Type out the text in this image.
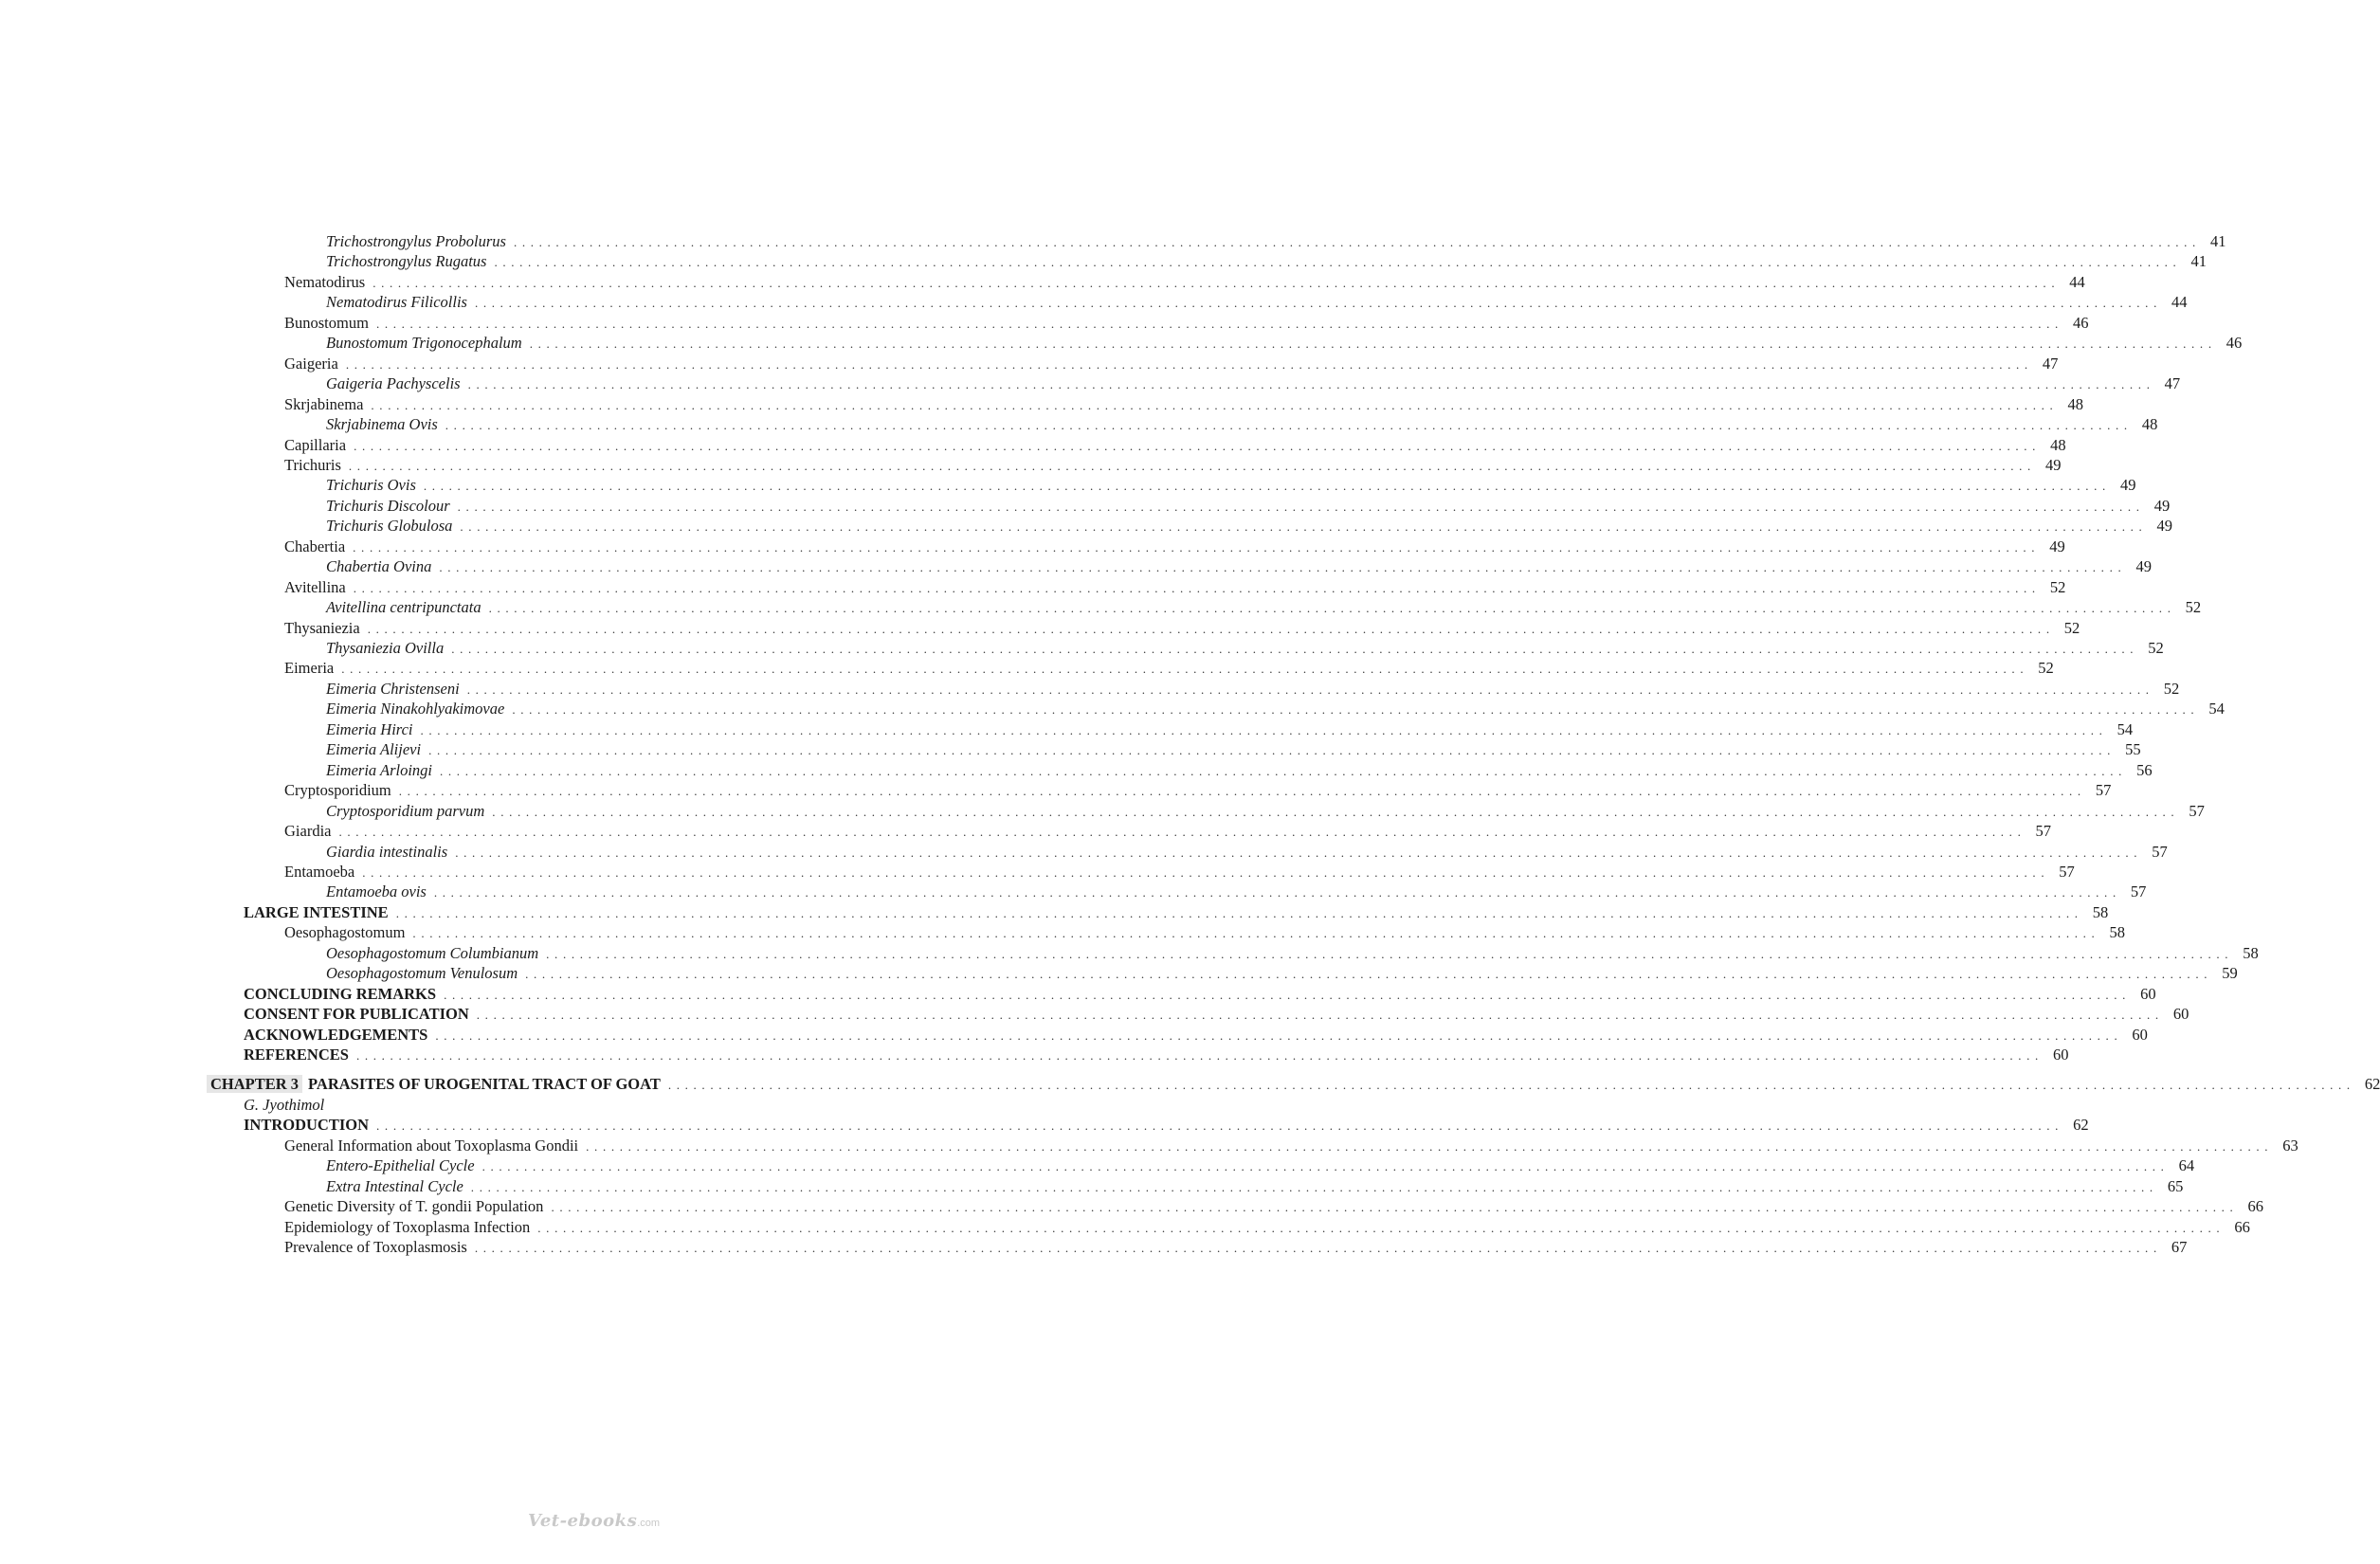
Trichostrongylus Probolurus . . . . . . . . . . . . . . . . . . . . . . . . . . . . . . . . . . . . . . . . . . . . . . . . . . . . . . . . . . . . . . . . . . . . . . . . . . . . . . . . . . . . . . . . . . . . . . . . . . . . . . . . . . . . . . . . . . . . . . . . . . . . . . . . . . . . . . . . . . . . . . . . . . . . . . . . . . . . . . . . . . . . . . . . . . . . . . . . . . . . . . . . . . . . . . . . . . . . . . . . 41
Trichostrongylus Rugatus . . . . . . . . . . . . . . . . . . . . . . . . . . . . . . . . . . . . . . . . . . . . . . . . . . . . . . . . . . . . . . . . . . . . . . . . . . . . . . . . . . . . . . . . . . . . . . . . . . . . . . . . . . . . . . . . . . . . . . . . . . . . . . . . . . . . . . . . . . . . . . . . . . . . . . . . . . . . . . . . . . . . . . . . . . . . . . . . . . . . . . . . . . . . . . . . . . . . . . . . 41
Nematodirus . . . . . . . . . . . . . . . . . . . . . . . . . . . . . . . . . . . . . . . . . . . . . . . . . . . . . . . . . . . . . . . . . . . . . . . . . . . . . . . . . . . . . . . . . . . . . . . . . . . . . . . . . . . . . . . . . . . . . . . . . . . . . . . . . . . . . . . . . . . . . . . . . . . . . . . . . . . . . . . . . . . . . . . . . . . . . . . . . . . . . . . . . . . . . . . . . . . . . . . . 44
Nematodirus Filicollis . . . . . . . . . . . . . . . . . . . . . . . . . . . . . . . . . . . . . . . . . . . . . . . . . . . . . . . . . . . . . . . . . . . . . . . . . . . . . . . . . . . . . . . . . . . . . . . . . . . . . . . . . . . . . . . . . . . . . . . . . . . . . . . . . . . . . . . . . . . . . . . . . . . . . . . . . . . . . . . . . . . . . . . . . . . . . . . . . . . . . . . . . . . . . . . . . . . . . . . . 44
Bunostomum . . . . . . . . . . . . . . . . . . . . . . . . . . . . . . . . . . . . . . . . . . . . . . . . . . . . . . . . . . . . . . . . . . . . . . . . . . . . . . . . . . . . . . . . . . . . . . . . . . . . . . . . . . . . . . . . . . . . . . . . . . . . . . . . . . . . . . . . . . . . . . . . . . . . . . . . . . . . . . . . . . . . . . . . . . . . . . . . . . . . . . . . . . . . . . . . . . . . . . . . 46
Bunostomum Trigonocephalum . . . . . . . . . . . . . . . . . . . . . . . . . . . . . . . . . . . . . . . . . . . . . . . . . . . . . . . . . . . . . . . . . . . . . . . . . . . . . . . . . . . . . . . . . . . . . . . . . . . . . . . . . . . . . . . . . . . . . . . . . . . . . . . . . . . . . . . . . . . . . . . . . . . . . . . . . . . . . . . . . . . . . . . . . . . . . . . . . . . . . . . . . . . . . . . . . . . . . . . . 46
Gaigeria . . . . . . . . . . . . . . . . . . . . . . . . . . . . . . . . . . . . . . . . . . . . . . . . . . . . . . . . . . . . . . . . . . . . . . . . . . . . . . . . . . . . . . . . . . . . . . . . . . . . . . . . . . . . . . . . . . . . . . . . . . . . . . . . . . . . . . . . . . . . . . . . . . . . . . . . . . . . . . . . . . . . . . . . . . . . . . . . . . . . . . . . . . . . . . . . . . . . . . . . 47
Gaigeria Pachyscelis . . . . . . . . . . . . . . . . . . . . . . . . . . . . . . . . . . . . . . . . . . . . . . . . . . . . . . . . . . . . . . . . . . . . . . . . . . . . . . . . . . . . . . . . . . . . . . . . . . . . . . . . . . . . . . . . . . . . . . . . . . . . . . . . . . . . . . . . . . . . . . . . . . . . . . . . . . . . . . . . . . . . . . . . . . . . . . . . . . . . . . . . . . . . . . . . . . . . . . . . 47
Skrjabinema . . . . . . . . . . . . . . . . . . . . . . . . . . . . . . . . . . . . . . . . . . . . . . . . . . . . . . . . . . . . . . . . . . . . . . . . . . . . . . . . . . . . . . . . . . . . . . . . . . . . . . . . . . . . . . . . . . . . . . . . . . . . . . . . . . . . . . . . . . . . . . . . . . . . . . . . . . . . . . . . . . . . . . . . . . . . . . . . . . . . . . . . . . . . . . . . . . . . . . . . 48
Skrjabinema Ovis . . . . . . . . . . . . . . . . . . . . . . . . . . . . . . . . . . . . . . . . . . . . . . . . . . . . . . . . . . . . . . . . . . . . . . . . . . . . . . . . . . . . . . . . . . . . . . . . . . . . . . . . . . . . . . . . . . . . . . . . . . . . . . . . . . . . . . . . . . . . . . . . . . . . . . . . . . . . . . . . . . . . . . . . . . . . . . . . . . . . . . . . . . . . . . . . . . . . . . . . 48
Capillaria . . . . . . . . . . . . . . . . . . . . . . . . . . . . . . . . . . . . . . . . . . . . . . . . . . . . . . . . . . . . . . . . . . . . . . . . . . . . . . . . . . . . . . . . . . . . . . . . . . . . . . . . . . . . . . . . . . . . . . . . . . . . . . . . . . . . . . . . . . . . . . . . . . . . . . . . . . . . . . . . . . . . . . . . . . . . . . . . . . . . . . . . . . . . . . . . . . . . . . . . 48
Trichuris . . . . . . . . . . . . . . . . . . . . . . . . . . . . . . . . . . . . . . . . . . . . . . . . . . . . . . . . . . . . . . . . . . . . . . . . . . . . . . . . . . . . . . . . . . . . . . . . . . . . . . . . . . . . . . . . . . . . . . . . . . . . . . . . . . . . . . . . . . . . . . . . . . . . . . . . . . . . . . . . . . . . . . . . . . . . . . . . . . . . . . . . . . . . . . . . . . . . . . . . 49
Trichuris Ovis . . . . . . . . . . . . . . . . . . . . . . . . . . . . . . . . . . . . . . . . . . . . . . . . . . . . . . . . . . . . . . . . . . . . . . . . . . . . . . . . . . . . . . . . . . . . . . . . . . . . . . . . . . . . . . . . . . . . . . . . . . . . . . . . . . . . . . . . . . . . . . . . . . . . . . . . . . . . . . . . . . . . . . . . . . . . . . . . . . . . . . . . . . . . . . . . . . . . . . . . 49
Trichuris Discolour . . . . . . . . . . . . . . . . . . . . . . . . . . . . . . . . . . . . . . . . . . . . . . . . . . . . . . . . . . . . . . . . . . . . . . . . . . . . . . . . . . . . . . . . . . . . . . . . . . . . . . . . . . . . . . . . . . . . . . . . . . . . . . . . . . . . . . . . . . . . . . . . . . . . . . . . . . . . . . . . . . . . . . . . . . . . . . . . . . . . . . . . . . . . . . . . . . . . . . . . 49
Trichuris Globulosa . . . . . . . . . . . . . . . . . . . . . . . . . . . . . . . . . . . . . . . . . . . . . . . . . . . . . . . . . . . . . . . . . . . . . . . . . . . . . . . . . . . . . . . . . . . . . . . . . . . . . . . . . . . . . . . . . . . . . . . . . . . . . . . . . . . . . . . . . . . . . . . . . . . . . . . . . . . . . . . . . . . . . . . . . . . . . . . . . . . . . . . . . . . . . . . . . . . . . . . . 49
Chabertia . . . . . . . . . . . . . . . . . . . . . . . . . . . . . . . . . . . . . . . . . . . . . . . . . . . . . . . . . . . . . . . . . . . . . . . . . . . . . . . . . . . . . . . . . . . . . . . . . . . . . . . . . . . . . . . . . . . . . . . . . . . . . . . . . . . . . . . . . . . . . . . . . . . . . . . . . . . . . . . . . . . . . . . . . . . . . . . . . . . . . . . . . . . . . . . . . . . . . . . . 49
Chabertia Ovina . . . . . . . . . . . . . . . . . . . . . . . . . . . . . . . . . . . . . . . . . . . . . . . . . . . . . . . . . . . . . . . . . . . . . . . . . . . . . . . . . . . . . . . . . . . . . . . . . . . . . . . . . . . . . . . . . . . . . . . . . . . . . . . . . . . . . . . . . . . . . . . . . . . . . . . . . . . . . . . . . . . . . . . . . . . . . . . . . . . . . . . . . . . . . . . . . . . . . . . . 49
Avitellina . . . . . . . . . . . . . . . . . . . . . . . . . . . . . . . . . . . . . . . . . . . . . . . . . . . . . . . . . . . . . . . . . . . . . . . . . . . . . . . . . . . . . . . . . . . . . . . . . . . . . . . . . . . . . . . . . . . . . . . . . . . . . . . . . . . . . . . . . . . . . . . . . . . . . . . . . . . . . . . . . . . . . . . . . . . . . . . . . . . . . . . . . . . . . . . . . . . . . . . . 52
Avitellina centripunctata . . . . . . . . . . . . . . . . . . . . . . . . . . . . . . . . . . . . . . . . . . . . . . . . . . . . . . . . . . . . . . . . . . . . . . . . . . . . . . . . . . . . . . . . . . . . . . . . . . . . . . . . . . . . . . . . . . . . . . . . . . . . . . . . . . . . . . . . . . . . . . . . . . . . . . . . . . . . . . . . . . . . . . . . . . . . . . . . . . . . . . . . . . . . . . . . . . . . . . . . 52
Thysaniezia . . . . . . . . . . . . . . . . . . . . . . . . . . . . . . . . . . . . . . . . . . . . . . . . . . . . . . . . . . . . . . . . . . . . . . . . . . . . . . . . . . . . . . . . . . . . . . . . . . . . . . . . . . . . . . . . . . . . . . . . . . . . . . . . . . . . . . . . . . . . . . . . . . . . . . . . . . . . . . . . . . . . . . . . . . . . . . . . . . . . . . . . . . . . . . . . . . . . . . . . 52
Thysaniezia Ovilla . . . . . . . . . . . . . . . . . . . . . . . . . . . . . . . . . . . . . . . . . . . . . . . . . . . . . . . . . . . . . . . . . . . . . . . . . . . . . . . . . . . . . . . . . . . . . . . . . . . . . . . . . . . . . . . . . . . . . . . . . . . . . . . . . . . . . . . . . . . . . . . . . . . . . . . . . . . . . . . . . . . . . . . . . . . . . . . . . . . . . . . . . . . . . . . . . . . . . . . . 52
Eimeria . . . . . . . . . . . . . . . . . . . . . . . . . . . . . . . . . . . . . . . . . . . . . . . . . . . . . . . . . . . . . . . . . . . . . . . . . . . . . . . . . . . . . . . . . . . . . . . . . . . . . . . . . . . . . . . . . . . . . . . . . . . . . . . . . . . . . . . . . . . . . . . . . . . . . . . . . . . . . . . . . . . . . . . . . . . . . . . . . . . . . . . . . . . . . . . . . . . . . . . . 52
Eimeria Christenseni . . . . . . . . . . . . . . . . . . . . . . . . . . . . . . . . . . . . . . . . . . . . . . . . . . . . . . . . . . . . . . . . . . . . . . . . . . . . . . . . . . . . . . . . . . . . . . . . . . . . . . . . . . . . . . . . . . . . . . . . . . . . . . . . . . . . . . . . . . . . . . . . . . . . . . . . . . . . . . . . . . . . . . . . . . . . . . . . . . . . . . . . . . . . . . . . . . . . . . . . 52
Eimeria Ninakohlyakimovae . . . . . . . . . . . . . . . . . . . . . . . . . . . . . . . . . . . . . . . . . . . . . . . . . . . . . . . . . . . . . . . . . . . . . . . . . . . . . . . . . . . . . . . . . . . . . . . . . . . . . . . . . . . . . . . . . . . . . . . . . . . . . . . . . . . . . . . . . . . . . . . . . . . . . . . . . . . . . . . . . . . . . . . . . . . . . . . . . . . . . . . . . . . . . . . . . . . . . . . . 54
Eimeria Hirci . . . . . . . . . . . . . . . . . . . . . . . . . . . . . . . . . . . . . . . . . . . . . . . . . . . . . . . . . . . . . . . . . . . . . . . . . . . . . . . . . . . . . . . . . . . . . . . . . . . . . . . . . . . . . . . . . . . . . . . . . . . . . . . . . . . . . . . . . . . . . . . . . . . . . . . . . . . . . . . . . . . . . . . . . . . . . . . . . . . . . . . . . . . . . . . . . . . . . . . . 54
Eimeria Alijevi . . . . . . . . . . . . . . . . . . . . . . . . . . . . . . . . . . . . . . . . . . . . . . . . . . . . . . . . . . . . . . . . . . . . . . . . . . . . . . . . . . . . . . . . . . . . . . . . . . . . . . . . . . . . . . . . . . . . . . . . . . . . . . . . . . . . . . . . . . . . . . . . . . . . . . . . . . . . . . . . . . . . . . . . . . . . . . . . . . . . . . . . . . . . . . . . . . . . . . . . 55
Eimeria Arloingi . . . . . . . . . . . . . . . . . . . . . . . . . . . . . . . . . . . . . . . . . . . . . . . . . . . . . . . . . . . . . . . . . . . . . . . . . . . . . . . . . . . . . . . . . . . . . . . . . . . . . . . . . . . . . . . . . . . . . . . . . . . . . . . . . . . . . . . . . . . . . . . . . . . . . . . . . . . . . . . . . . . . . . . . . . . . . . . . . . . . . . . . . . . . . . . . . . . . . . . . 56
Cryptosporidium . . . . . . . . . . . . . . . . . . . . . . . . . . . . . . . . . . . . . . . . . . . . . . . . . . . . . . . . . . . . . . . . . . . . . . . . . . . . . . . . . . . . . . . . . . . . . . . . . . . . . . . . . . . . . . . . . . . . . . . . . . . . . . . . . . . . . . . . . . . . . . . . . . . . . . . . . . . . . . . . . . . . . . . . . . . . . . . . . . . . . . . . . . . . . . . . . . . . . . . . 57
Cryptosporidium parvum . . . . . . . . . . . . . . . . . . . . . . . . . . . . . . . . . . . . . . . . . . . . . . . . . . . . . . . . . . . . . . . . . . . . . . . . . . . . . . . . . . . . . . . . . . . . . . . . . . . . . . . . . . . . . . . . . . . . . . . . . . . . . . . . . . . . . . . . . . . . . . . . . . . . . . . . . . . . . . . . . . . . . . . . . . . . . . . . . . . . . . . . . . . . . . . . . . . . . . . . 57
Giardia . . . . . . . . . . . . . . . . . . . . . . . . . . . . . . . . . . . . . . . . . . . . . . . . . . . . . . . . . . . . . . . . . . . . . . . . . . . . . . . . . . . . . . . . . . . . . . . . . . . . . . . . . . . . . . . . . . . . . . . . . . . . . . . . . . . . . . . . . . . . . . . . . . . . . . . . . . . . . . . . . . . . . . . . . . . . . . . . . . . . . . . . . . . . . . . . . . . . . . . . 57
Giardia intestinalis . . . . . . . . . . . . . . . . . . . . . . . . . . . . . . . . . . . . . . . . . . . . . . . . . . . . . . . . . . . . . . . . . . . . . . . . . . . . . . . . . . . . . . . . . . . . . . . . . . . . . . . . . . . . . . . . . . . . . . . . . . . . . . . . . . . . . . . . . . . . . . . . . . . . . . . . . . . . . . . . . . . . . . . . . . . . . . . . . . . . . . . . . . . . . . . . . . . . . . . . 57
Entamoeba . . . . . . . . . . . . . . . . . . . . . . . . . . . . . . . . . . . . . . . . . . . . . . . . . . . . . . . . . . . . . . . . . . . . . . . . . . . . . . . . . . . . . . . . . . . . . . . . . . . . . . . . . . . . . . . . . . . . . . . . . . . . . . . . . . . . . . . . . . . . . . . . . . . . . . . . . . . . . . . . . . . . . . . . . . . . . . . . . . . . . . . . . . . . . . . . . . . . . . . . 57
Entamoeba ovis . . . . . . . . . . . . . . . . . . . . . . . . . . . . . . . . . . . . . . . . . . . . . . . . . . . . . . . . . . . . . . . . . . . . . . . . . . . . . . . . . . . . . . . . . . . . . . . . . . . . . . . . . . . . . . . . . . . . . . . . . . . . . . . . . . . . . . . . . . . . . . . . . . . . . . . . . . . . . . . . . . . . . . . . . . . . . . . . . . . . . . . . . . . . . . . . . . . . . . . . 57
LARGE INTESTINE . . . . . . . . . . . . . . . . . . . . . . . . . . . . . . . . . . . . . . . . . . . . . . . . . . . . . . . . . . . . . . . . . . . . . . . . . . . . . . . . . . . . . . . . . . . . . . . . . . . . . . . . . . . . . . . . . . . . . . . . . . . . . . . . . . . . . . . . . . . . . . . . . . . . . . . . . . . . . . . . . . . . . . . . . . . . . . . . . . . . . . . . . . . . . . . . . . . . . . . . 58
Oesophagostomum . . . . . . . . . . . . . . . . . . . . . . . . . . . . . . . . . . . . . . . . . . . . . . . . . . . . . . . . . . . . . . . . . . . . . . . . . . . . . . . . . . . . . . . . . . . . . . . . . . . . . . . . . . . . . . . . . . . . . . . . . . . . . . . . . . . . . . . . . . . . . . . . . . . . . . . . . . . . . . . . . . . . . . . . . . . . . . . . . . . . . . . . . . . . . . . . . . . . . . . . 58
Oesophagostomum Columbianum . . . . . . . . . . . . . . . . . . . . . . . . . . . . . . . . . . . . . . . . . . . . . . . . . . . . . . . . . . . . . . . . . . . . . . . . . . . . . . . . . . . . . . . . . . . . . . . . . . . . . . . . . . . . . . . . . . . . . . . . . . . . . . . . . . . . . . . . . . . . . . . . . . . . . . . . . . . . . . . . . . . . . . . . . . . . . . . . . . . . . . . . . . . . . . . . . . . . . . . . 58
Oesophagostomum Venulosum . . . . . . . . . . . . . . . . . . . . . . . . . . . . . . . . . . . . . . . . . . . . . . . . . . . . . . . . . . . . . . . . . . . . . . . . . . . . . . . . . . . . . . . . . . . . . . . . . . . . . . . . . . . . . . . . . . . . . . . . . . . . . . . . . . . . . . . . . . . . . . . . . . . . . . . . . . . . . . . . . . . . . . . . . . . . . . . . . . . . . . . . . . . . . . . . . . . . . . . . 59
CONCLUDING REMARKS . . . . . . . . . . . . . . . . . . . . . . . . . . . . . . . . . . . . . . . . . . . . . . . . . . . . . . . . . . . . . . . . . . . . . . . . . . . . . . . . . . . . . . . . . . . . . . . . . . . . . . . . . . . . . . . . . . . . . . . . . . . . . . . . . . . . . . . . . . . . . . . . . . . . . . . . . . . . . . . . . . . . . . . . . . . . . . . . . . . . . . . . . . . . . . . . . . . . . . . . 60
CONSENT FOR PUBLICATION . . . . . . . . . . . . . . . . . . . . . . . . . . . . . . . . . . . . . . . . . . . . . . . . . . . . . . . . . . . . . . . . . . . . . . . . . . . . . . . . . . . . . . . . . . . . . . . . . . . . . . . . . . . . . . . . . . . . . . . . . . . . . . . . . . . . . . . . . . . . . . . . . . . . . . . . . . . . . . . . . . . . . . . . . . . . . . . . . . . . . . . . . . . . . . . . . . . . . . . . 60
ACKNOWLEDGEMENTS . . . . . . . . . . . . . . . . . . . . . . . . . . . . . . . . . . . . . . . . . . . . . . . . . . . . . . . . . . . . . . . . . . . . . . . . . . . . . . . . . . . . . . . . . . . . . . . . . . . . . . . . . . . . . . . . . . . . . . . . . . . . . . . . . . . . . . . . . . . . . . . . . . . . . . . . . . . . . . . . . . . . . . . . . . . . . . . . . . . . . . . . . . . . . . . . . . . . . . . . 60
REFERENCES . . . . . . . . . . . . . . . . . . . . . . . . . . . . . . . . . . . . . . . . . . . . . . . . . . . . . . . . . . . . . . . . . . . . . . . . . . . . . . . . . . . . . . . . . . . . . . . . . . . . . . . . . . . . . . . . . . . . . . . . . . . . . . . . . . . . . . . . . . . . . . . . . . . . . . . . . . . . . . . . . . . . . . . . . . . . . . . . . . . . . . . . . . . . . . . . . . . . . . . . 60
CHAPTER 3 PARASITES OF UROGENITAL TRACT OF GOAT . . . . . . . . . . . . . . . . . . . . . . . . . . . . . . . . . . . . . . . . . . . . . . . . . . . . . . . . . . . . . . . . . . . . . . . . . . . . . . . . . . . . . . . . . . . . . . . . . . . . . . . . . . . . . . . . . . . . . . . . . . . . . . . . . . . . . . . . . . . . . . . . . . . . . . . . . . . . . . . . . . . . . . . . . . . . . . . . . . . . . . . . . . . . . . . . . . . . . . . . 62
G. Jyothimol
INTRODUCTION . . . . . . . . . . . . . . . . . . . . . . . . . . . . . . . . . . . . . . . . . . . . . . . . . . . . . . . . . . . . . . . . . . . . . . . . . . . . . . . . . . . . . . . . . . . . . . . . . . . . . . . . . . . . . . . . . . . . . . . . . . . . . . . . . . . . . . . . . . . . . . . . . . . . . . . . . . . . . . . . . . . . . . . . . . . . . . . . . . . . . . . . . . . . . . . . . . . . . . . . 62
General Information about Toxoplasma Gondii . . . . . . . . . . . . . . . . . . . . . . . . . . . . . . . . . . . . . . . . . . . . . . . . . . . . . . . . . . . . . . . . . . . . . . . . . . . . . . . . . . . . . . . . . . . . . . . . . . . . . . . . . . . . . . . . . . . . . . . . . . . . . . . . . . . . . . . . . . . . . . . . . . . . . . . . . . . . . . . . . . . . . . . . . . . . . . . . . . . . . . . . . . . . . . . . . . . . . . . . 63
Entero-Epithelial Cycle . . . . . . . . . . . . . . . . . . . . . . . . . . . . . . . . . . . . . . . . . . . . . . . . . . . . . . . . . . . . . . . . . . . . . . . . . . . . . . . . . . . . . . . . . . . . . . . . . . . . . . . . . . . . . . . . . . . . . . . . . . . . . . . . . . . . . . . . . . . . . . . . . . . . . . . . . . . . . . . . . . . . . . . . . . . . . . . . . . . . . . . . . . . . . . . . . . . . . . . . 64
Extra Intestinal Cycle . . . . . . . . . . . . . . . . . . . . . . . . . . . . . . . . . . . . . . . . . . . . . . . . . . . . . . . . . . . . . . . . . . . . . . . . . . . . . . . . . . . . . . . . . . . . . . . . . . . . . . . . . . . . . . . . . . . . . . . . . . . . . . . . . . . . . . . . . . . . . . . . . . . . . . . . . . . . . . . . . . . . . . . . . . . . . . . . . . . . . . . . . . . . . . . . . . . . . . . . 65
Genetic Diversity of T. gondii Population . . . . . . . . . . . . . . . . . . . . . . . . . . . . . . . . . . . . . . . . . . . . . . . . . . . . . . . . . . . . . . . . . . . . . . . . . . . . . . . . . . . . . . . . . . . . . . . . . . . . . . . . . . . . . . . . . . . . . . . . . . . . . . . . . . . . . . . . . . . . . . . . . . . . . . . . . . . . . . . . . . . . . . . . . . . . . . . . . . . . . . . . . . . . . . . . . . . . . . . . 66
Epidemiology of Toxoplasma Infection . . . . . . . . . . . . . . . . . . . . . . . . . . . . . . . . . . . . . . . . . . . . . . . . . . . . . . . . . . . . . . . . . . . . . . . . . . . . . . . . . . . . . . . . . . . . . . . . . . . . . . . . . . . . . . . . . . . . . . . . . . . . . . . . . . . . . . . . . . . . . . . . . . . . . . . . . . . . . . . . . . . . . . . . . . . . . . . . . . . . . . . . . . . . . . . . . . . . . . . . 66
Prevalence of Toxoplasmosis . . . . . . . . . . . . . . . . . . . . . . . . . . . . . . . . . . . . . . . . . . . . . . . . . . . . . . . . . . . . . . . . . . . . . . . . . . . . . . . . . . . . . . . . . . . . . . . . . . . . . . . . . . . . . . . . . . . . . . . . . . . . . . . . . . . . . . . . . . . . . . . . . . . . . . . . . . . . . . . . . . . . . . . . . . . . . . . . . . . . . . . . . . . . . . . . . . . . . . . . 67
Vet-ebooks.com
